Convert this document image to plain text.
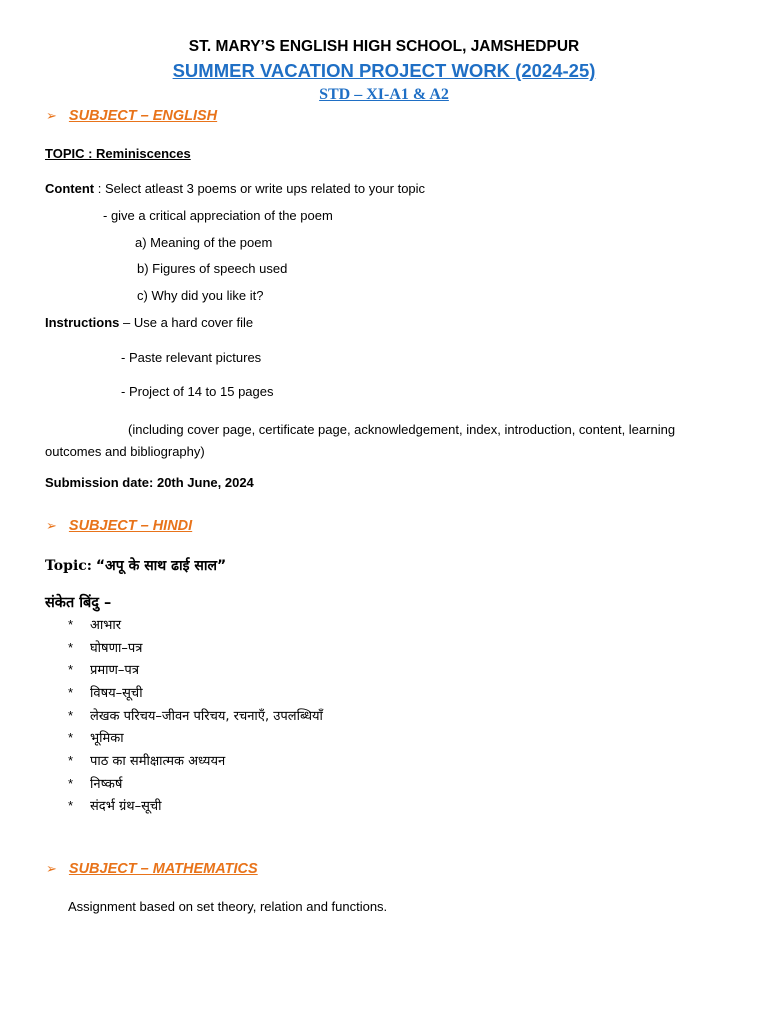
ST. MARY’S ENGLISH HIGH SCHOOL, JAMSHEDPUR
SUMMER VACATION PROJECT WORK (2024-25)
STD – XI-A1 & A2
➢ SUBJECT – ENGLISH
TOPIC : Reminiscences
Content : Select atleast 3 poems or write ups related to your topic
- give a critical appreciation of the poem
a) Meaning of the poem
b) Figures of speech used
c) Why did you like it?
Instructions – Use a hard cover file
- Paste relevant pictures
- Project of 14 to 15 pages
(including cover page, certificate page, acknowledgement, index, introduction, content, learning outcomes and bibliography)
Submission date: 20th June, 2024
➢ SUBJECT – HINDI
Topic: “अपू के साथ ढाई साल”
संकेत बिंदु –
* आभार
* घोषणा–पत्र
* प्रमाण–पत्र
* विषय–सूची
* लेखक परिचय–जीवन परिचय, रचनाएँ, उपलब्धियाँ
* भूमिका
* पाठ का समीक्षात्मक अध्ययन
* निष्कर्ष
* संदर्भ ग्रंथ–सूची
➢ SUBJECT – MATHEMATICS
Assignment based on set theory, relation and functions.
